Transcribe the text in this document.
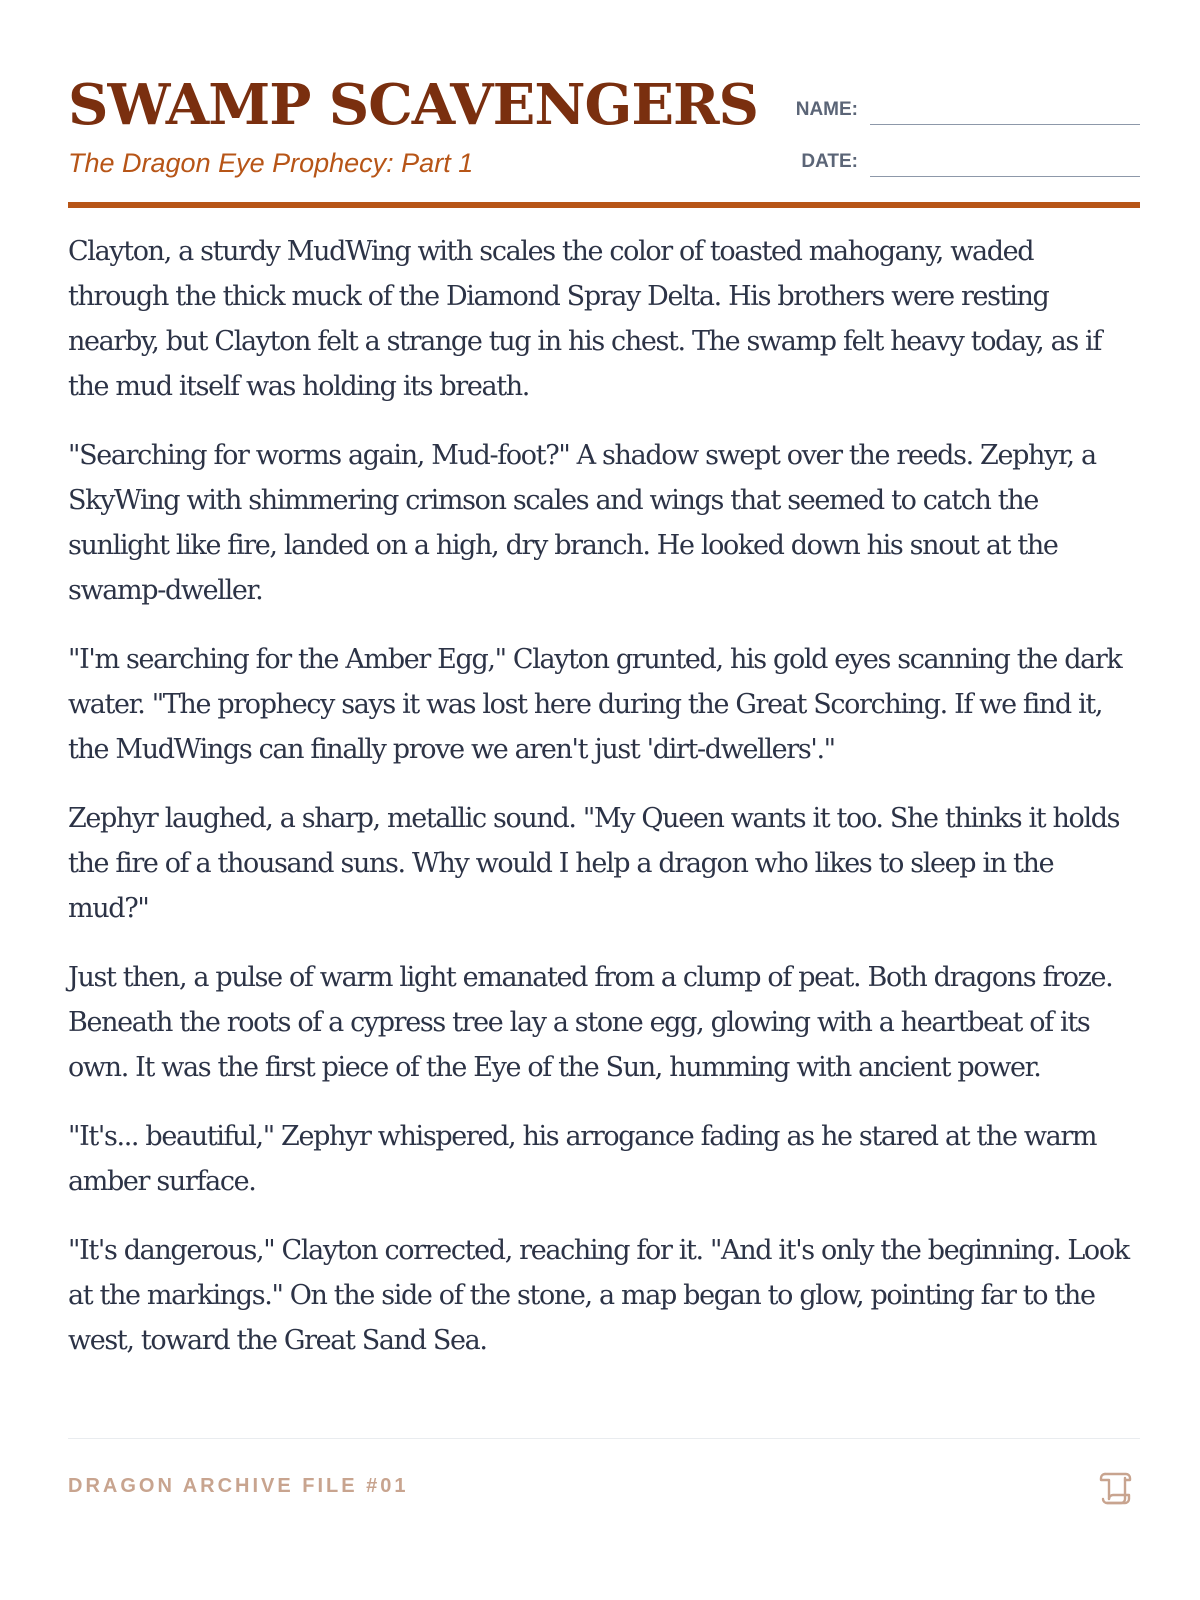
SWAMP SCAVENGERS
The Dragon Eye Prophecy: Part 1
NAME:
DATE:

Clayton, a sturdy MudWing with scales the color of toasted mahogany, waded through the thick muck of the Diamond Spray Delta. His brothers were resting nearby, but Clayton felt a strange tug in his chest. The swamp felt heavy today, as if the mud itself was holding its breath.

"Searching for worms again, Mud-foot?" A shadow swept over the reeds. Zephyr, a SkyWing with shimmering crimson scales and wings that seemed to catch the sunlight like fire, landed on a high, dry branch. He looked down his snout at the swamp-dweller.

"I'm searching for the Amber Egg," Clayton grunted, his gold eyes scanning the dark water. "The prophecy says it was lost here during the Great Scorching. If we find it, the MudWings can finally prove we aren't just 'dirt-dwellers'."

Zephyr laughed, a sharp, metallic sound. "My Queen wants it too. She thinks it holds the fire of a thousand suns. Why would I help a dragon who likes to sleep in the mud?"

Just then, a pulse of warm light emanated from a clump of peat. Both dragons froze. Beneath the roots of a cypress tree lay a stone egg, glowing with a heartbeat of its own. It was the first piece of the Eye of the Sun, humming with ancient power.

"It's... beautiful," Zephyr whispered, his arrogance fading as he stared at the warm amber surface.

"It's dangerous," Clayton corrected, reaching for it. "And it's only the beginning. Look at the markings." On the side of the stone, a map began to glow, pointing far to the west, toward the Great Sand Sea.

DRAGON ARCHIVE FILE #01
